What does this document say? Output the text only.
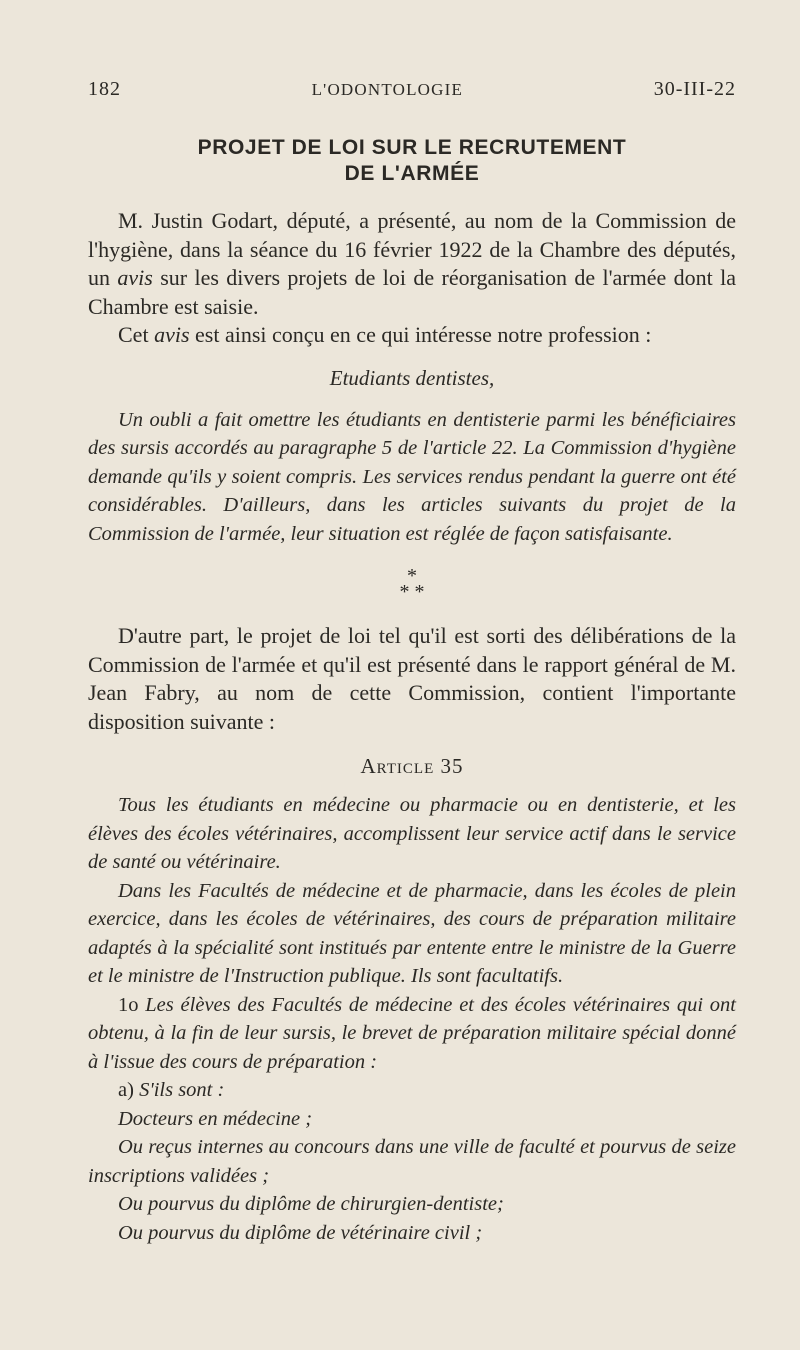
182	L'ODONTOLOGIE	30-III-22
PROJET DE LOI SUR LE RECRUTEMENT
DE L'ARMÉE

M. Justin Godart, député, a présenté, au nom de la Commission de l'hygiène, dans la séance du 16 février 1922 de la Chambre des députés, un avis sur les divers projets de loi de réorganisation de l'armée dont la Chambre est saisie.

Cet avis est ainsi conçu en ce qui intéresse notre profession :

Etudiants dentistes,

Un oubli a fait omettre les étudiants en dentisterie parmi les bénéficiaires des sursis accordés au paragraphe 5 de l'article 22. La Commission d'hygiène demande qu'ils y soient compris. Les services rendus pendant la guerre ont été considérables. D'ailleurs, dans les articles suivants du projet de la Commission de l'armée, leur situation est réglée de façon satisfaisante.

*
* *

D'autre part, le projet de loi tel qu'il est sorti des délibérations de la Commission de l'armée et qu'il est présenté dans le rapport général de M. Jean Fabry, au nom de cette Commission, contient l'importante disposition suivante :

Article 35

Tous les étudiants en médecine ou pharmacie ou en dentisterie, et les élèves des écoles vétérinaires, accomplissent leur service actif dans le service de santé ou vétérinaire.

Dans les Facultés de médecine et de pharmacie, dans les écoles de plein exercice, dans les écoles de vétérinaires, des cours de préparation militaire adaptés à la spécialité sont institués par entente entre le ministre de la Guerre et le ministre de l'Instruction publique. Ils sont facultatifs.

1o Les élèves des Facultés de médecine et des écoles vétérinaires qui ont obtenu, à la fin de leur sursis, le brevet de préparation militaire spécial donné à l'issue des cours de préparation :

a) S'ils sont :

Docteurs en médecine ;

Ou reçus internes au concours dans une ville de faculté et pourvus de seize inscriptions validées ;

Ou pourvus du diplôme de chirurgien-dentiste;

Ou pourvus du diplôme de vétérinaire civil ;
